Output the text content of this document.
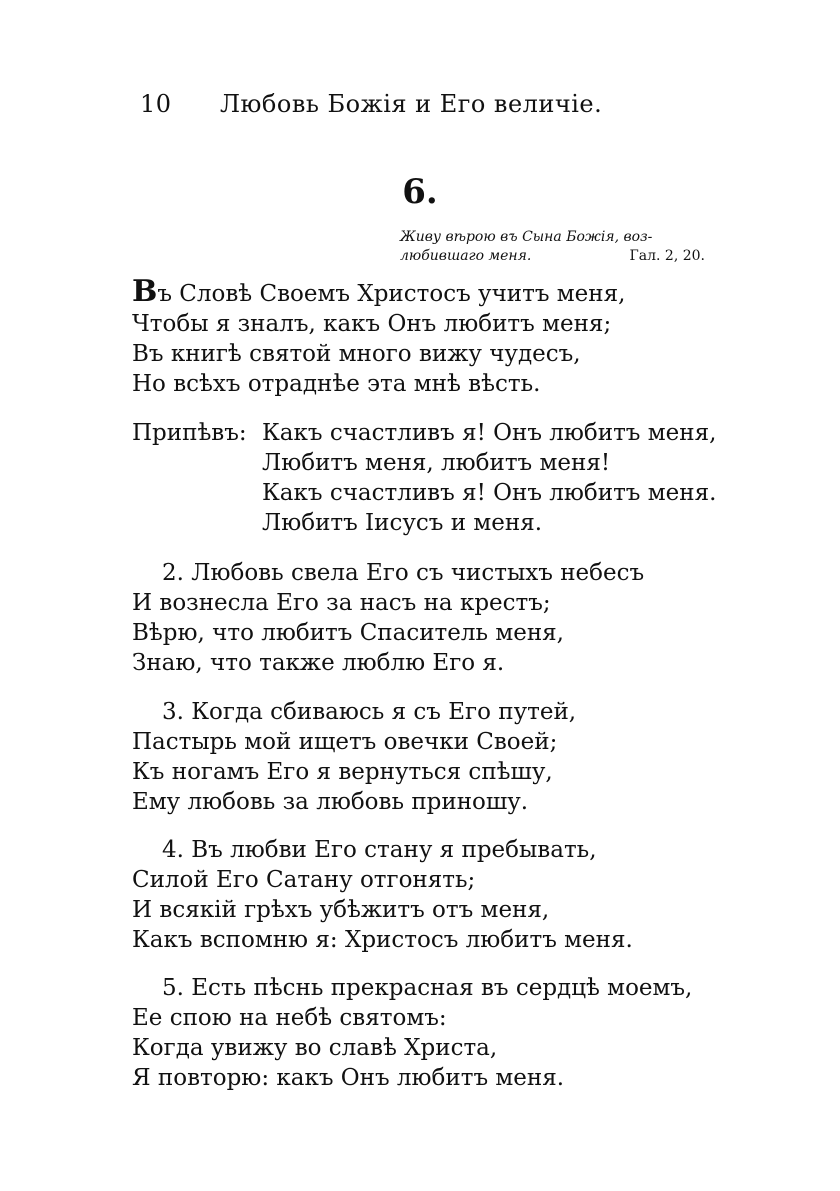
10 Любовь Божія и Его величіе.
6.
Живу вѣрою въ Сына Божія, воз-
любившаго меня.	Гал. 2, 20.
Въ Словѣ Своемъ Христосъ учитъ меня,
Чтобы я зналъ, какъ Онъ любитъ меня;
Въ книгѣ святой много вижу чудесъ,
Но всѣхъ отраднѣе эта мнѣ вѣсть.
Припѣвъ: Какъ счастливъ я! Онъ любитъ меня,
Любитъ меня, любитъ меня!
Какъ счастливъ я! Онъ любитъ меня.
Любитъ Іисусъ и меня.
2. Любовь свела Его съ чистыхъ небесъ
И вознесла Его за насъ на крестъ;
Вѣрю, что любитъ Спаситель меня,
Знаю, что также люблю Его я.
3. Когда сбиваюсь я съ Его путей,
Пастырь мой ищетъ овечки Своей;
Къ ногамъ Его я вернуться спѣшу,
Ему любовь за любовь приношу.
4. Въ любви Его стану я пребывать,
Силой Его Сатану отгонять;
И всякій грѣхъ убѣжитъ отъ меня,
Какъ вспомню я: Христосъ любитъ меня.
5. Есть пѣснь прекрасная въ сердцѣ моемъ,
Ее спою на небѣ святомъ:
Когда увижу во славѣ Христа,
Я повторю: какъ Онъ любитъ меня.
